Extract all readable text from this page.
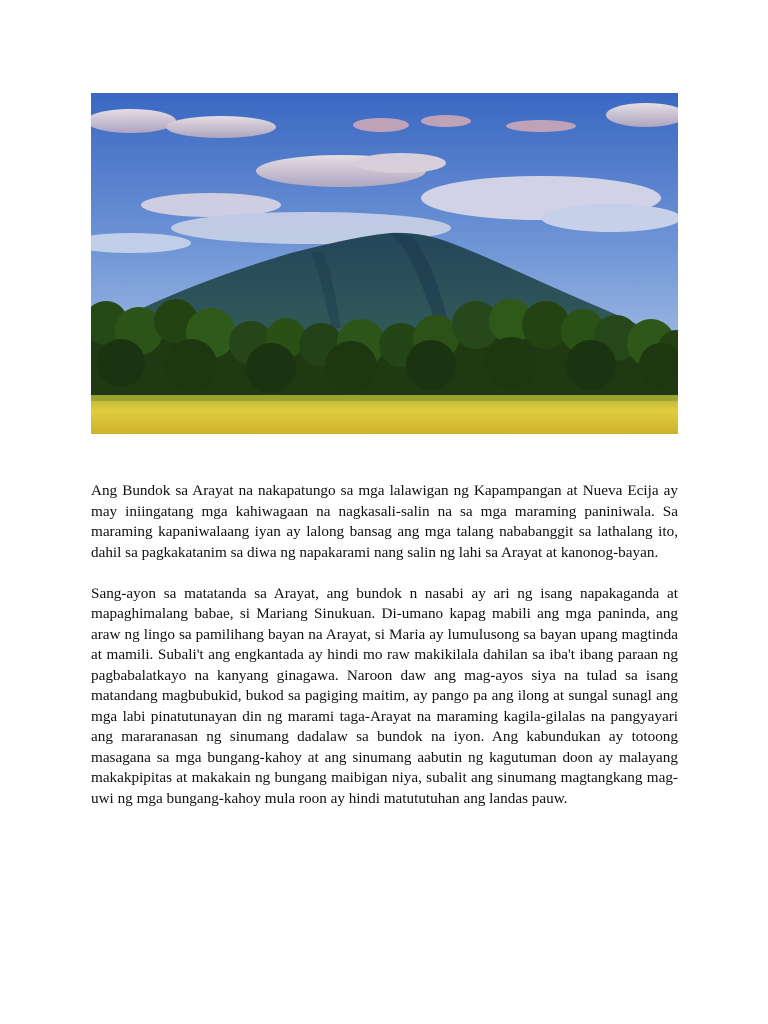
Ang Bundok sa Arayat na nakapatungo sa mga lalawigan ng Kapampangan at Nueva Ecija ay may iniingatang mga kahiwagaan na nagkasali-salin na sa mga maraming paniniwala. Sa maraming kapaniwalaang iyan ay lalong bansag ang mga talang nababanggit sa lathalang ito, dahil sa pagkakatanim sa diwa ng napakarami nang salin ng lahi sa Arayat at kanonog-bayan.

Sang-ayon sa matatanda sa Arayat, ang bundok n nasabi ay ari ng isang napakaganda at mapaghimalang babae, si Mariang Sinukuan. Di-umano kapag mabili ang mga paninda, ang araw ng lingo sa pamilihang bayan na Arayat, si Maria ay lumulusong sa bayan upang magtinda at mamili. Subali't ang engkantada ay hindi mo raw makikilala dahilan sa iba't ibang paraan ng pagbabalatkayo na kanyang ginagawa. Naroon daw ang mag-ayos siya na tulad sa isang matandang magbubukid, bukod sa pagiging maitim, ay pango pa ang ilong at sungal sunagl ang mga labi pinatutunayan din ng marami taga-Arayat na maraming kagila-gilalas na pangyayari ang mararanasan ng sinumang dadalaw sa bundok na iyon. Ang kabundukan ay totoong masagana sa mga bungang-kahoy at ang sinumang aabutin ng kagutuman doon ay malayang makakpipitas at makakain ng bungang maibigan niya, subalit ang sinumang magtangkang mag-uwi ng mga bungang-kahoy mula roon ay hindi matututuhan ang landas pauw.
